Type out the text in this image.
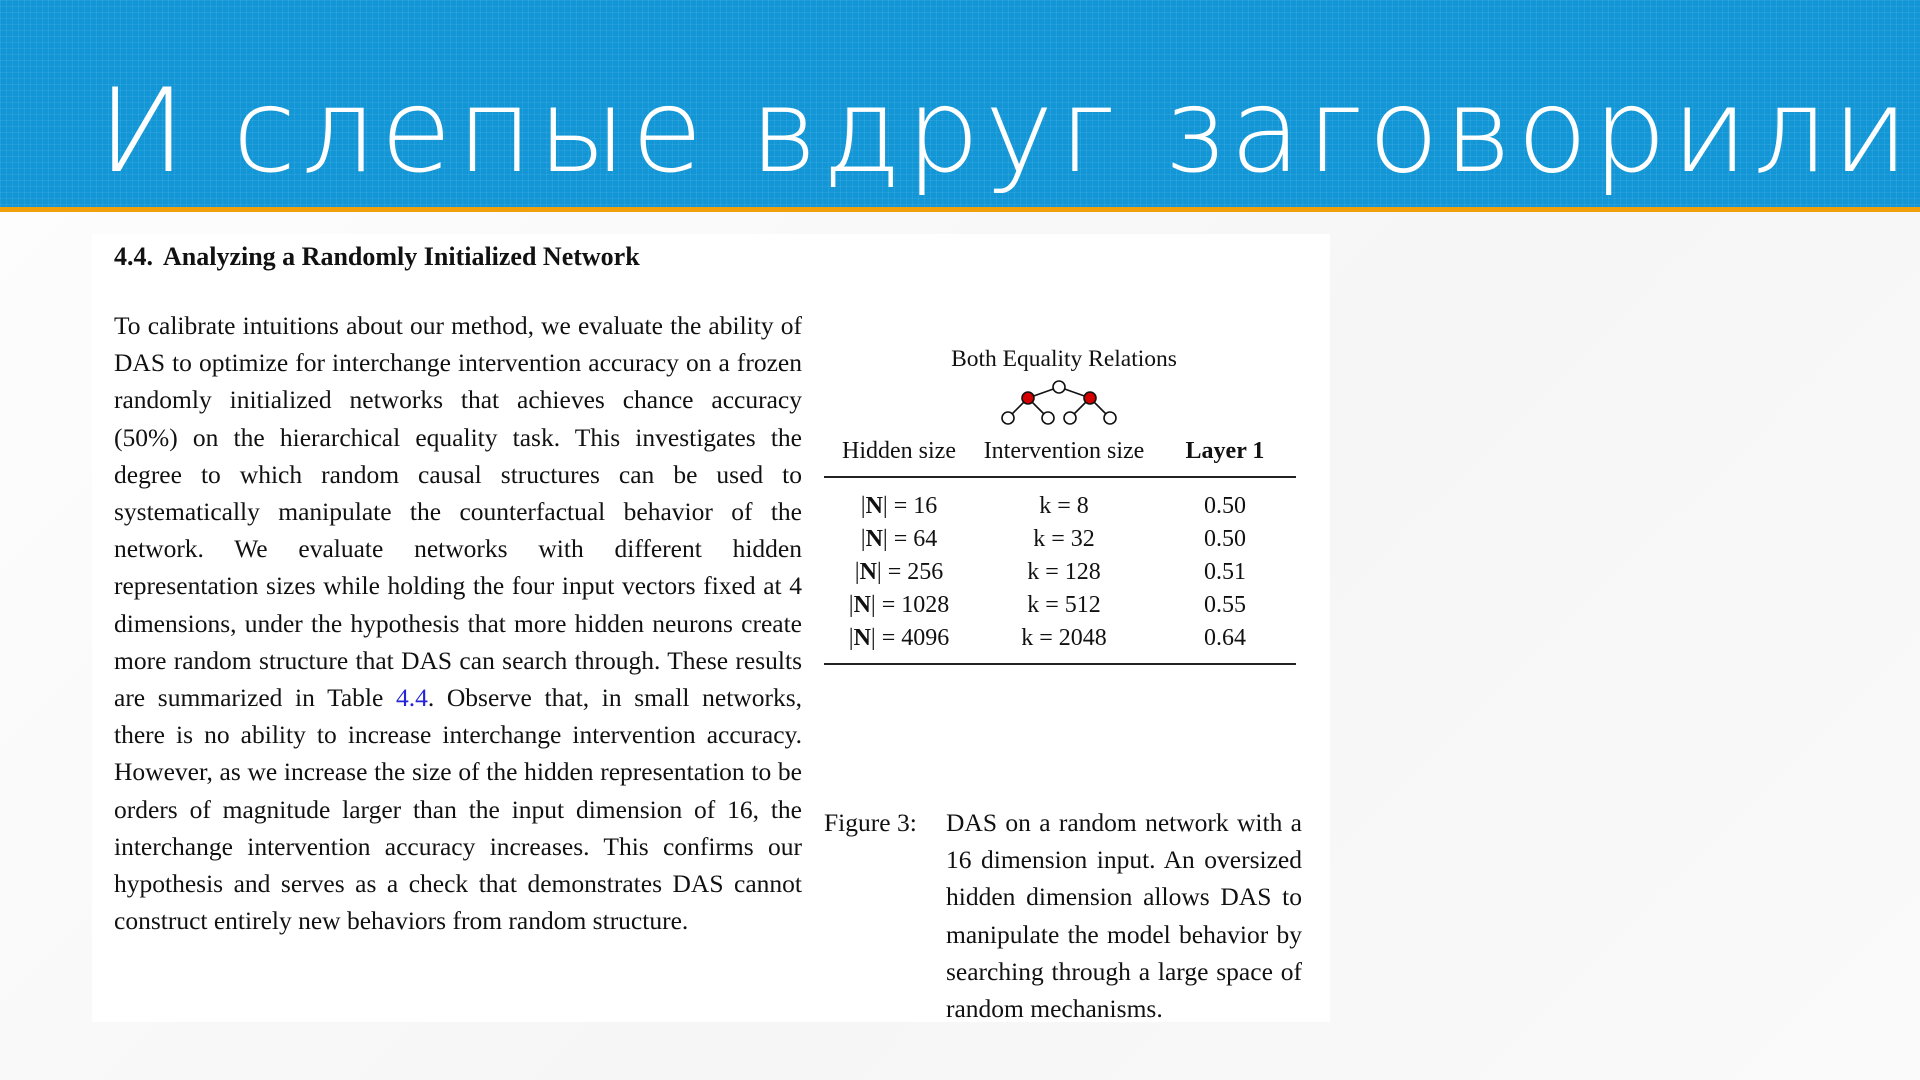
И слепые вдруг заговорили
4.4. Analyzing a Randomly Initialized Network

To calibrate intuitions about our method, we evaluate the ability of DAS to optimize for interchange intervention accuracy on a frozen randomly initialized networks that achieves chance accuracy (50%) on the hierarchical equality task. This investigates the degree to which random causal structures can be used to systematically manipulate the counterfactual behavior of the network. We evaluate networks with different hidden representation sizes while holding the four input vectors fixed at 4 dimensions, under the hypothesis that more hidden neurons create more random structure that DAS can search through. These results are summarized in Table 4.4. Observe that, in small networks, there is no ability to increase interchange intervention accuracy. However, as we increase the size of the hidden representation to be orders of magnitude larger than the input dimension of 16, the interchange intervention accuracy increases. This confirms our hypothesis and serves as a check that demonstrates DAS cannot construct entirely new behaviors from random structure.

Both Equality Relations
Hidden size	Intervention size	Layer 1
|N| = 16	k = 8	0.50
|N| = 64	k = 32	0.50
|N| = 256	k = 128	0.51
|N| = 1028	k = 512	0.55
|N| = 4096	k = 2048	0.64
Figure 3: DAS on a random network with a 16 dimension input. An oversized hidden dimension allows DAS to manipulate the model behavior by searching through a large space of random mechanisms.
